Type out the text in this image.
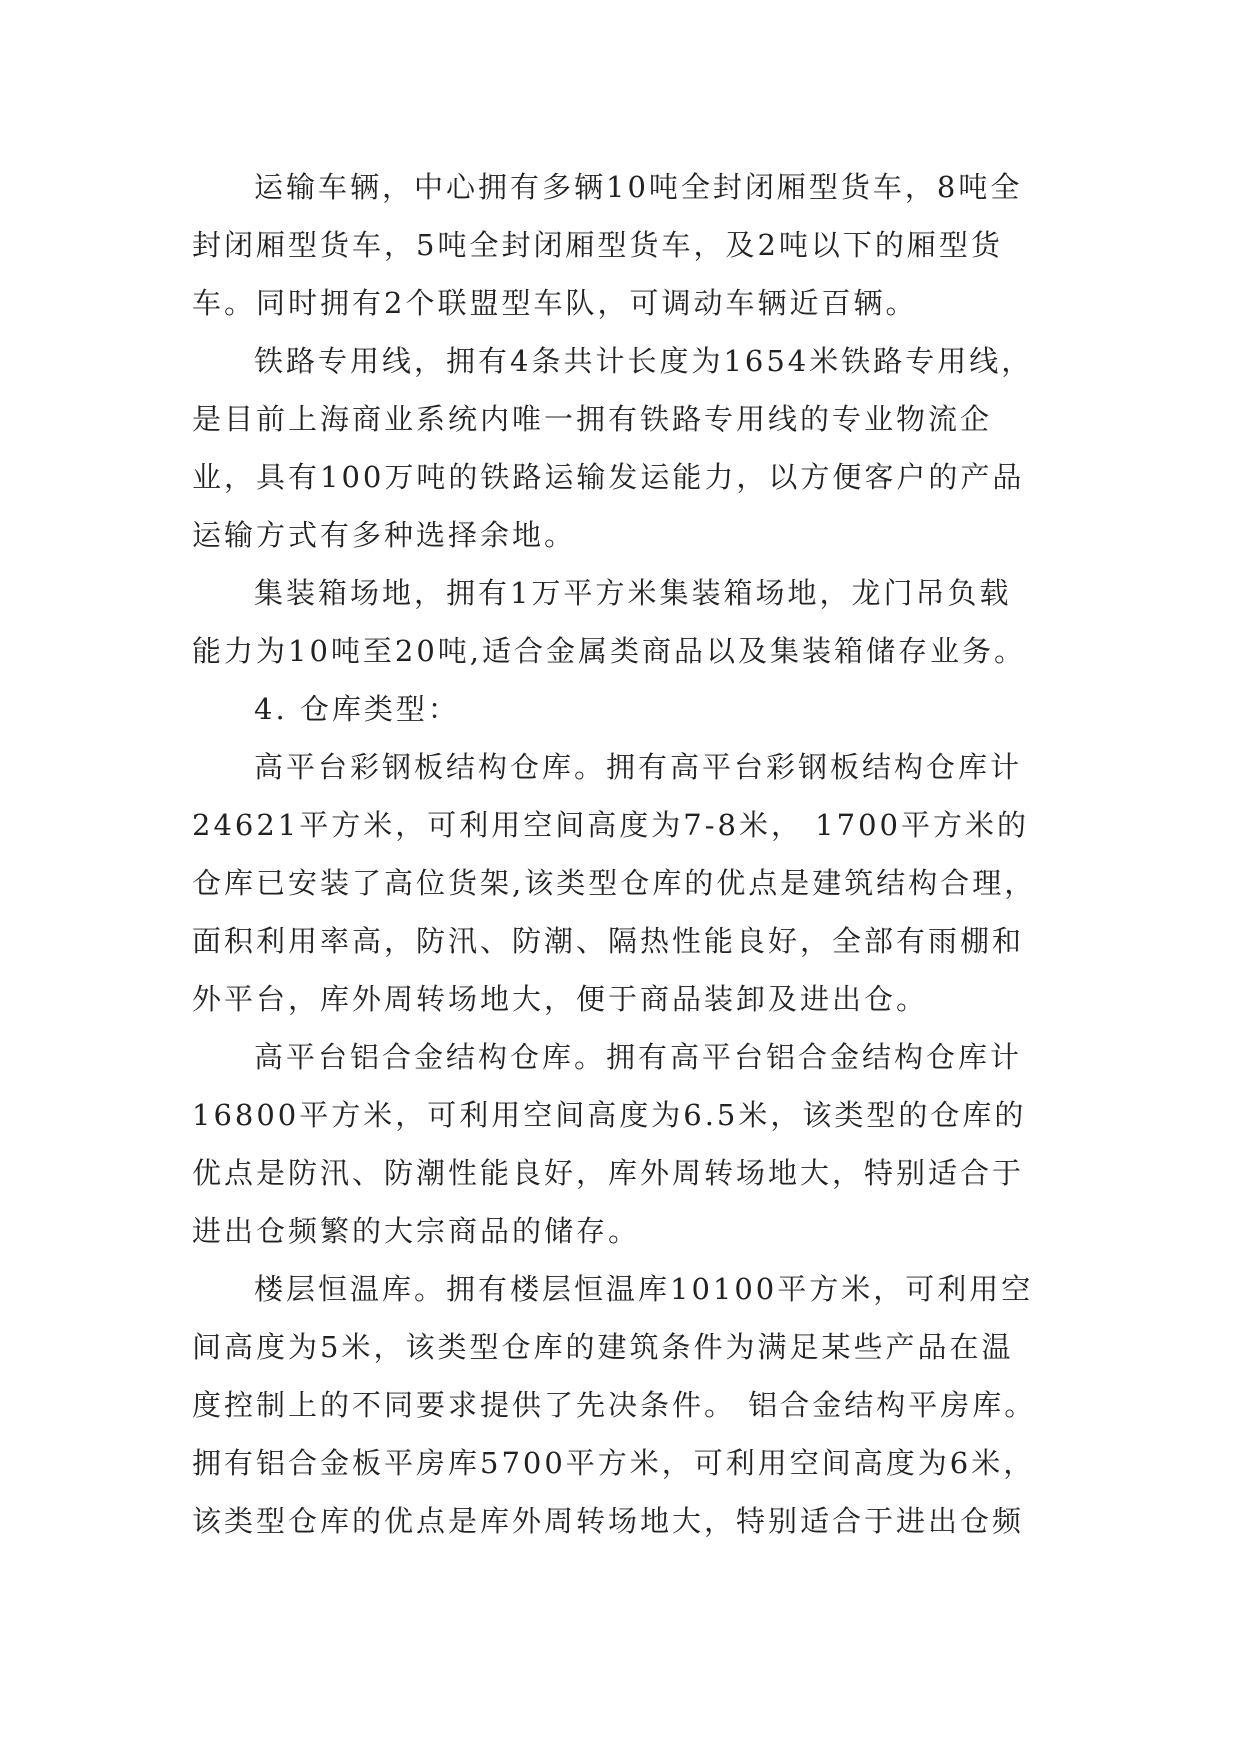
运输车辆，中心拥有多辆10吨全封闭厢型货车，8吨全
封闭厢型货车，5吨全封闭厢型货车，及2吨以下的厢型货
车。同时拥有2个联盟型车队，可调动车辆近百辆。
铁路专用线，拥有4条共计长度为1654米铁路专用线，
是目前上海商业系统内唯一拥有铁路专用线的专业物流企
业，具有100万吨的铁路运输发运能力，以方便客户的产品
运输方式有多种选择余地。
集装箱场地，拥有1万平方米集装箱场地，龙门吊负载
能力为10吨至20吨,适合金属类商品以及集装箱储存业务。
4. 仓库类型：
高平台彩钢板结构仓库。拥有高平台彩钢板结构仓库计
24621平方米，可利用空间高度为7-8米， 1700平方米的
仓库已安装了高位货架,该类型仓库的优点是建筑结构合理，
面积利用率高，防汛、防潮、隔热性能良好，全部有雨棚和
外平台，库外周转场地大，便于商品装卸及进出仓。
高平台铝合金结构仓库。拥有高平台铝合金结构仓库计
16800平方米，可利用空间高度为6.5米，该类型的仓库的
优点是防汛、防潮性能良好，库外周转场地大，特别适合于
进出仓频繁的大宗商品的储存。
楼层恒温库。拥有楼层恒温库10100平方米，可利用空
间高度为5米，该类型仓库的建筑条件为满足某些产品在温
度控制上的不同要求提供了先决条件。 铝合金结构平房库。
拥有铝合金板平房库5700平方米，可利用空间高度为6米，
该类型仓库的优点是库外周转场地大，特别适合于进出仓频
